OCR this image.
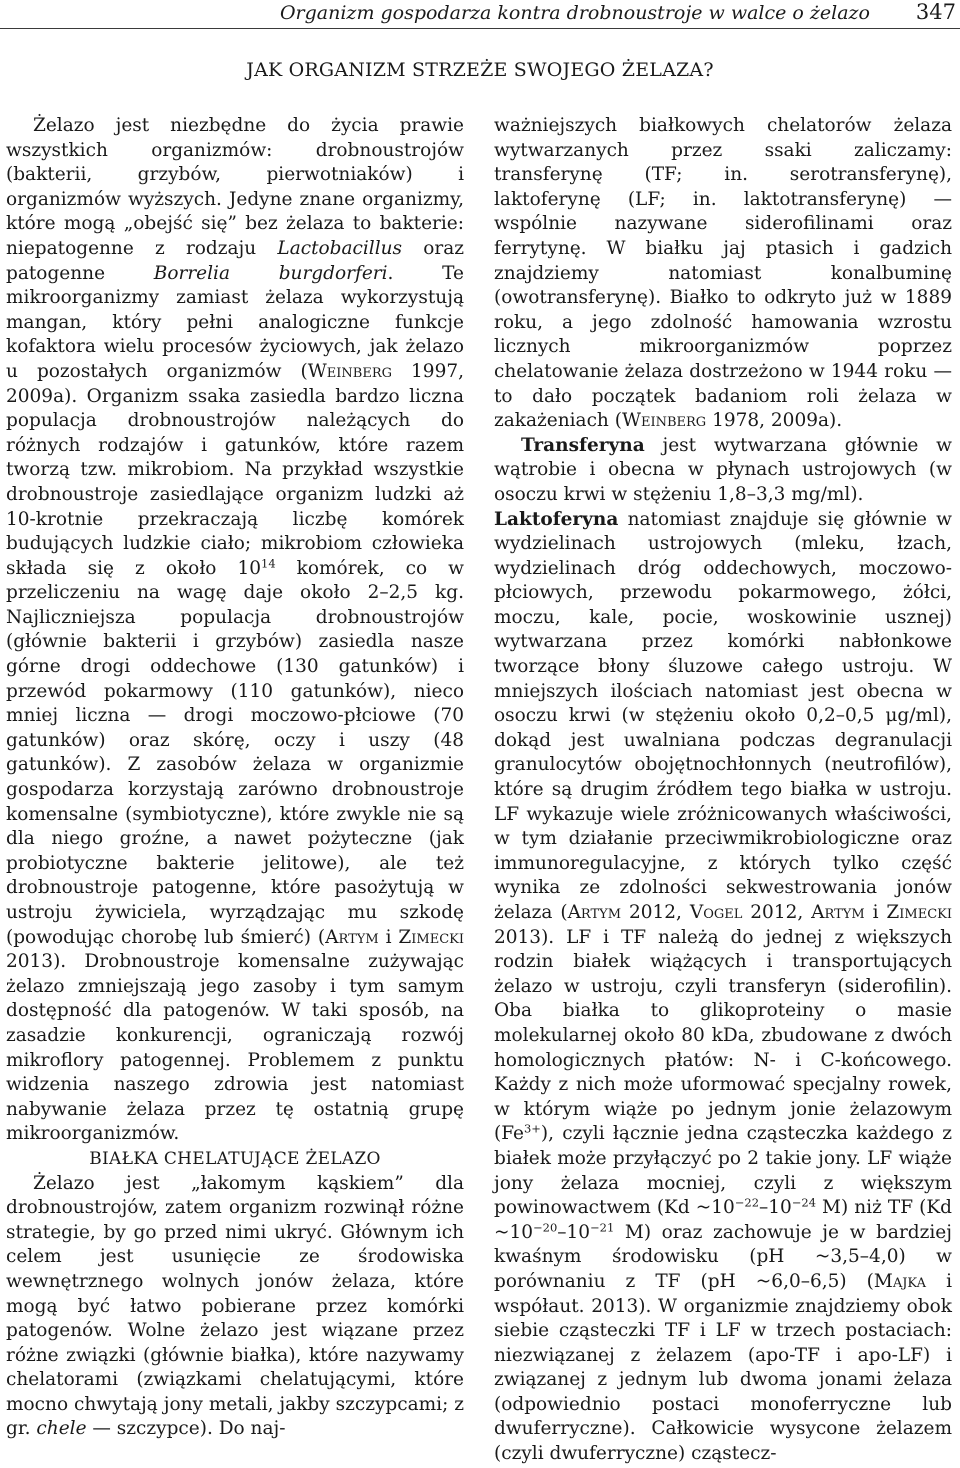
Organizm gospodarza kontra drobnoustroje w walce o żelazo 347
JAK ORGANIZM STRZEŻE SWOJEGO ŻELAZA?

Żelazo jest niezbędne do życia prawie wszystkich organizmów: drobnoustrojów (bakterii, grzybów, pierwotniaków) i organizmów wyższych. Jedyne znane organizmy, które mogą „obejść się” bez żelaza to bakterie: niepatogenne z rodzaju Lactobacillus oraz patogenne Borrelia burgdorferi. Te mikroorganizmy zamiast żelaza wykorzystują mangan, który pełni analogiczne funkcje kofaktora wielu procesów życiowych, jak żelazo u pozostałych organizmów (Weinberg 1997, 2009a). Organizm ssaka zasiedla bardzo liczna populacja drobnoustrojów należących do różnych rodzajów i gatunków, które razem tworzą tzw. mikrobiom. Na przykład wszystkie drobnoustroje zasiedlające organizm ludzki aż 10-krotnie przekraczają liczbę komórek budujących ludzkie ciało; mikrobiom człowieka składa się z około $10^{14}$ komórek, co w przeliczeniu na wagę daje około 2–2,5 kg. Najliczniejsza populacja drobnoustrojów (głównie bakterii i grzybów) zasiedla nasze górne drogi oddechowe (130 gatunków) i przewód pokarmowy (110 gatunków), nieco mniej liczna — drogi moczowo-płciowe (70 gatunków) oraz skórę, oczy i uszy (48 gatunków). Z zasobów żelaza w organizmie gospodarza korzystają zarówno drobnoustroje komensalne (symbiotyczne), które zwykle nie są dla niego groźne, a nawet pożyteczne (jak probiotyczne bakterie jelitowe), ale też drobnoustroje patogenne, które pasożytują w ustroju żywiciela, wyrządzając mu szkodę (powodując chorobę lub śmierć) (Artym i Zimecki 2013). Drobnoustroje komensalne zużywając żelazo zmniejszają jego zasoby i tym samym dostępność dla patogenów. W taki sposób, na zasadzie konkurencji, ograniczają rozwój mikroflory patogennej. Problemem z punktu widzenia naszego zdrowia jest natomiast nabywanie żelaza przez tę ostatnią grupę mikroorganizmów.

BIAŁKA CHELATUJĄCE ŻELAZO

Żelazo jest „łakomym kąskiem” dla drobnoustrojów, zatem organizm rozwinął różne strategie, by go przed nimi ukryć. Głównym ich celem jest usunięcie ze środowiska wewnętrznego wolnych jonów żelaza, które mogą być łatwo pobierane przez komórki patogenów. Wolne żelazo jest wiązane przez różne związki (głównie białka), które nazywamy chelatorami (związkami chelatującymi, które mocno chwytają jony metali, jakby szczypcami; z gr. chele — szczypce). Do naj-

ważniejszych białkowych chelatorów żelaza wytwarzanych przez ssaki zaliczamy: transferynę (TF; in. serotransferynę), laktoferynę (LF; in. laktotransferynę) — wspólnie nazywane siderofilinami oraz ferrytynę. W białku jaj ptasich i gadzich znajdziemy natomiast konalbuminę (owotransferynę). Białko to odkryto już w 1889 roku, a jego zdolność hamowania wzrostu licznych mikroorganizmów poprzez chelatowanie żelaza dostrzeżono w 1944 roku — to dało początek badaniom roli żelaza w zakażeniach (Weinberg 1978, 2009a).

Transferyna jest wytwarzana głównie w wątrobie i obecna w płynach ustrojowych (w osoczu krwi w stężeniu 1,8–3,3 mg/ml).

Laktoferyna natomiast znajduje się głównie w wydzielinach ustrojowych (mleku, łzach, wydzielinach dróg oddechowych, moczowo-płciowych, przewodu pokarmowego, żółci, moczu, kale, pocie, woskowinie usznej) wytwarzana przez komórki nabłonkowe tworzące błony śluzowe całego ustroju. W mniejszych ilościach natomiast jest obecna w osoczu krwi (w stężeniu około 0,2–0,5 μg/ml), dokąd jest uwalniana podczas degranulacji granulocytów obojętnochłonnych (neutrofilów), które są drugim źródłem tego białka w ustroju. LF wykazuje wiele zróżnicowanych właściwości, w tym działanie przeciwmikrobiologiczne oraz immunoregulacyjne, z których tylko część wynika ze zdolności sekwestrowania jonów żelaza (Artym 2012, Vogel 2012, Artym i Zimecki 2013). LF i TF należą do jednej z większych rodzin białek wiążących i transportujących żelazo w ustroju, czyli transferyn (siderofilin). Oba białka to glikoproteiny o masie molekularnej około 80 kDa, zbudowane z dwóch homologicznych płatów: N- i C-końcowego. Każdy z nich może uformować specjalny rowek, w którym wiąże po jednym jonie żelazowym $(Fe^{3+})$, czyli łącznie jedna cząsteczka każdego z białek może przyłączyć po 2 takie jony. LF wiąże jony żelaza mocniej, czyli z większym powinowactwem (Kd $\sim 10^{-22}-10^{-24}$ M) niż TF (Kd $\sim 10^{-20}-10^{-21}$ M) oraz zachowuje je w bardziej kwaśnym środowisku (pH ~3,5–4,0) w porównaniu z TF (pH ~6,0–6,5) (Majka i współaut. 2013). W organizmie znajdziemy obok siebie cząsteczki TF i LF w trzech postaciach: niezwiązanej z żelazem (apo-TF i apo-LF) i związanej z jednym lub dwoma jonami żelaza (odpowiednio postaci monoferryczne lub dwuferryczne). Całkowicie wysycone żelazem (czyli dwuferryczne) cząstecz-
